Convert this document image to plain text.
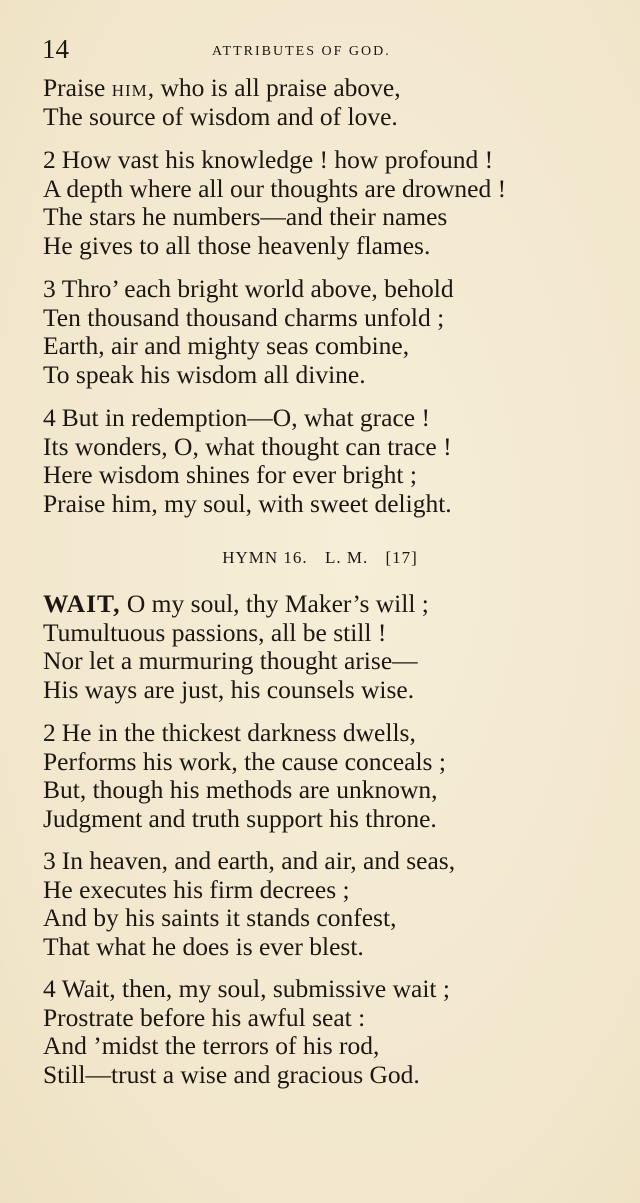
14	ATTRIBUTES OF GOD.
Praise HIM, who is all praise above,
The source of wisdom and of love.
2 How vast his knowledge ! how profound !
A depth where all our thoughts are drowned !
The stars he numbers—and their names
He gives to all those heavenly flames.
3 Thro’ each bright world above, behold
Ten thousand thousand charms unfold ;
Earth, air and mighty seas combine,
To speak his wisdom all divine.
4 But in redemption—O, what grace !
Its wonders, O, what thought can trace !
Here wisdom shines for ever bright ;
Praise him, my soul, with sweet delight.
HYMN 16. L. M. [17]
WAIT, O my soul, thy Maker’s will ;
Tumultuous passions, all be still !
Nor let a murmuring thought arise—
His ways are just, his counsels wise.
2 He in the thickest darkness dwells,
Performs his work, the cause conceals ;
But, though his methods are unknown,
Judgment and truth support his throne.
3 In heaven, and earth, and air, and seas,
He executes his firm decrees ;
And by his saints it stands confest,
That what he does is ever blest.
4 Wait, then, my soul, submissive wait ;
Prostrate before his awful seat :
And ’midst the terrors of his rod,
Still—trust a wise and gracious God.
